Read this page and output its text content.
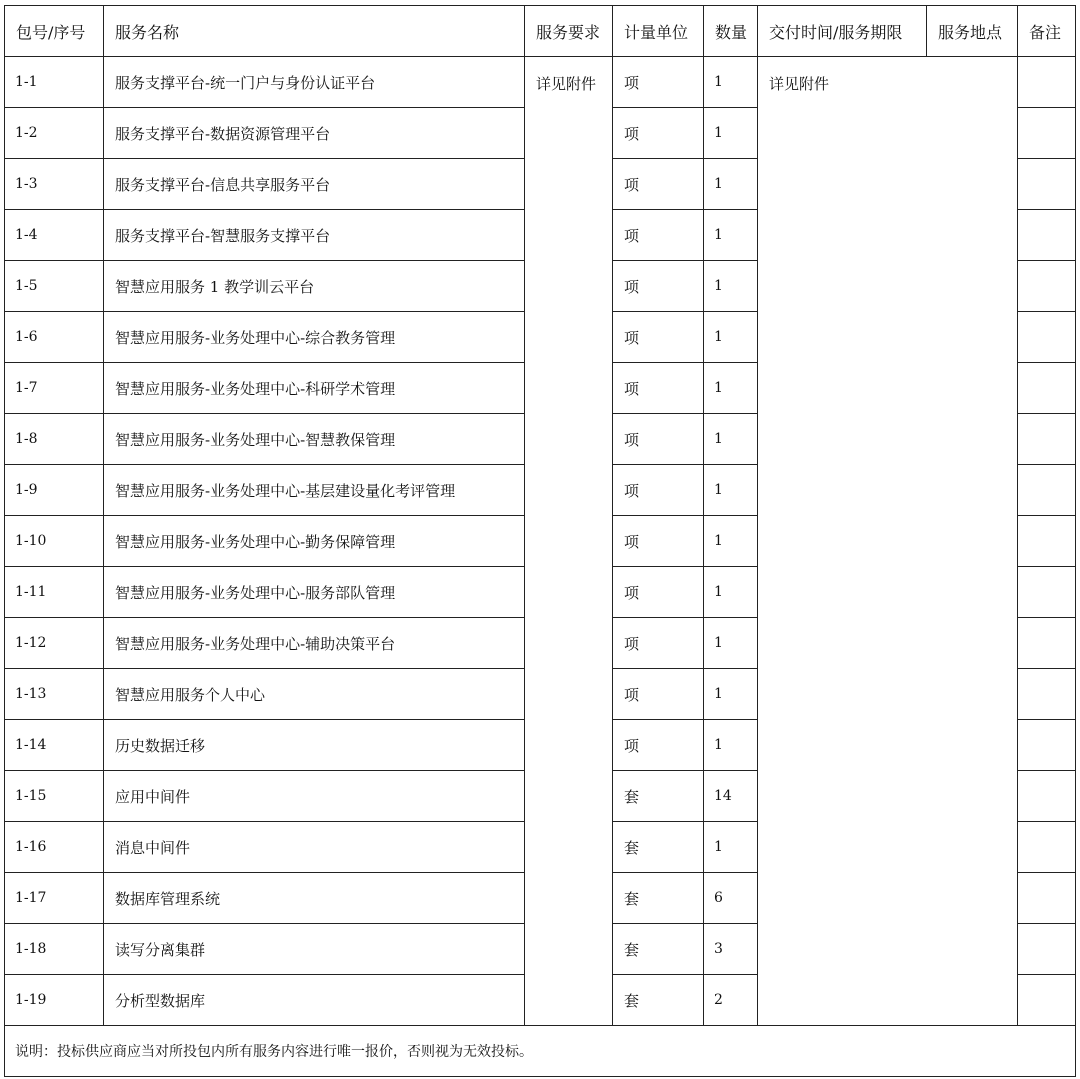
包号/序号	服务名称	服务要求	计量单位	数量	交付时间/服务期限	服务地点	备注
1-1	服务支撑平台-统一门户与身份认证平台	详见附件	项	1	详见附件		
1-2	服务支撑平台-数据资源管理平台		项	1			
1-3	服务支撑平台-信息共享服务平台		项	1			
1-4	服务支撑平台-智慧服务支撑平台		项	1			
1-5	智慧应用服务 1 教学训云平台		项	1			
1-6	智慧应用服务-业务处理中心-综合教务管理		项	1			
1-7	智慧应用服务-业务处理中心-科研学术管理		项	1			
1-8	智慧应用服务-业务处理中心-智慧教保管理		项	1			
1-9	智慧应用服务-业务处理中心-基层建设量化考评管理		项	1			
1-10	智慧应用服务-业务处理中心-勤务保障管理		项	1			
1-11	智慧应用服务-业务处理中心-服务部队管理		项	1			
1-12	智慧应用服务-业务处理中心-辅助决策平台		项	1			
1-13	智慧应用服务个人中心		项	1			
1-14	历史数据迁移		项	1			
1-15	应用中间件		套	14			
1-16	消息中间件		套	1			
1-17	数据库管理系统		套	6			
1-18	读写分离集群		套	3			
1-19	分析型数据库		套	2			
说明：投标供应商应当对所投包内所有服务内容进行唯一报价，否则视为无效投标。							
